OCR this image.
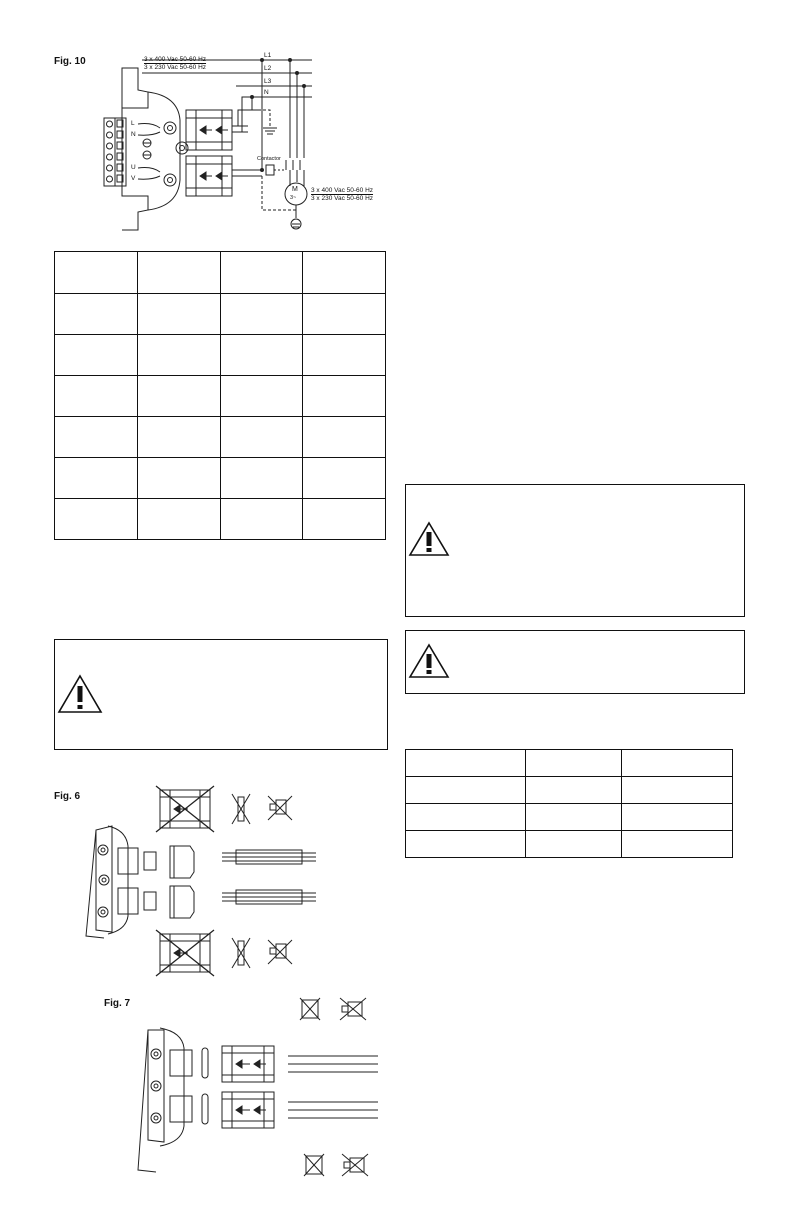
Fig. 10	3 x 400 Vac 50-60 Hz
3 x 230 Vac 50-60 Hz
L1
L2
L3
N
L
N
U
V
Contactor
M
3~
3 x 400 Vac 50-60 Hz
3 x 230 Vac 50-60 Hz

Fig. 6
Fig. 7
